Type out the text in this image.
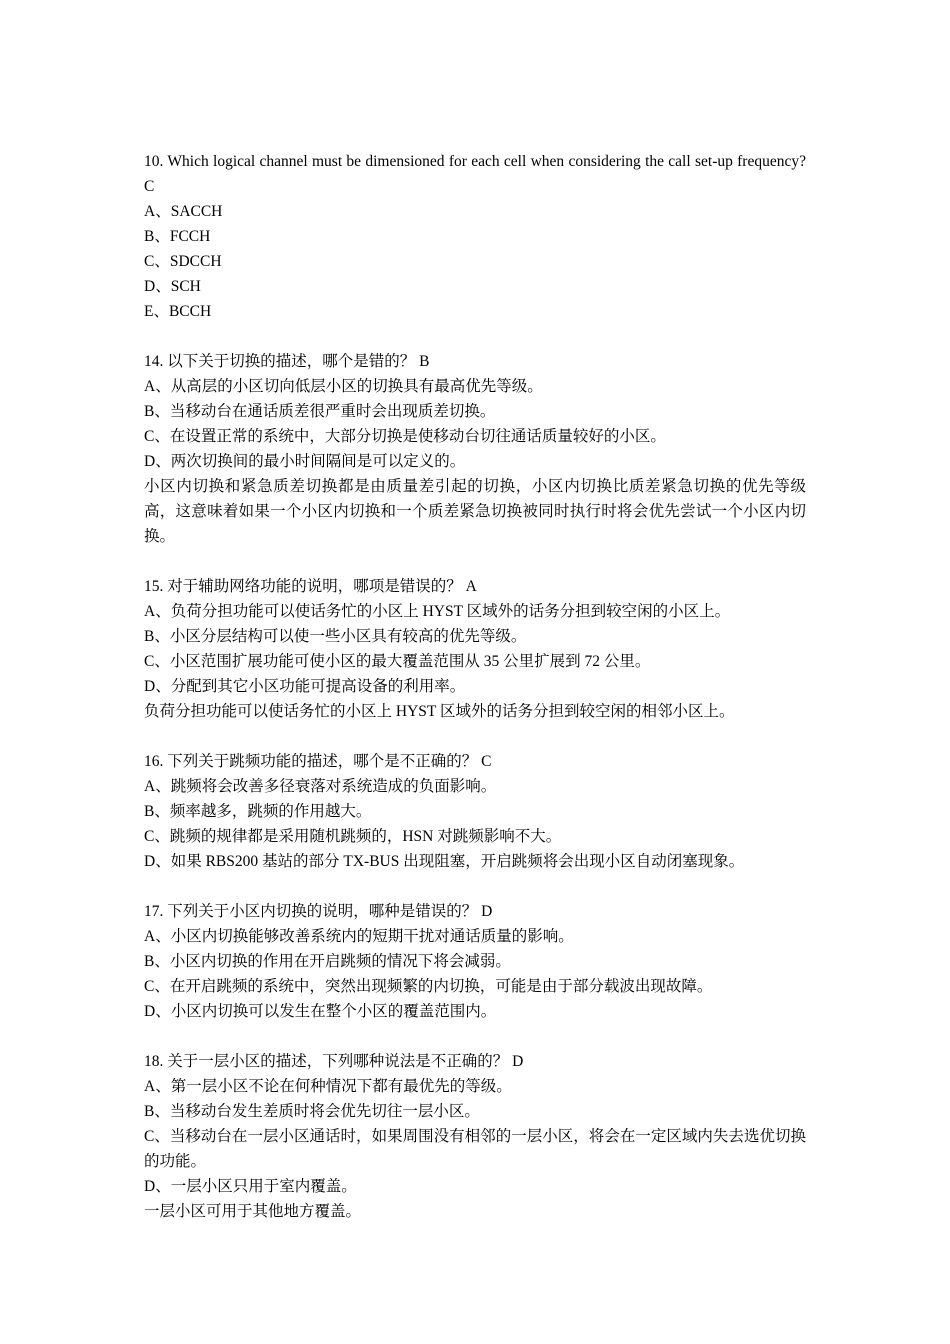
10. Which logical channel must be dimensioned for each cell when considering the call set-up frequency? C
A、SACCH
B、FCCH
C、SDCCH
D、SCH
E、BCCH
14. 以下关于切换的描述，哪个是错的？ B
A、从高层的小区切向低层小区的切换具有最高优先等级。
B、当移动台在通话质差很严重时会出现质差切换。
C、在设置正常的系统中，大部分切换是使移动台切往通话质量较好的小区。
D、两次切换间的最小时间隔间是可以定义的。
小区内切换和紧急质差切换都是由质量差引起的切换，小区内切换比质差紧急切换的优先等级高，这意味着如果一个小区内切换和一个质差紧急切换被同时执行时将会优先尝试一个小区内切换。
15. 对于辅助网络功能的说明，哪项是错误的？ A
A、负荷分担功能可以使话务忙的小区上 HYST 区域外的话务分担到较空闲的小区上。
B、小区分层结构可以使一些小区具有较高的优先等级。
C、小区范围扩展功能可使小区的最大覆盖范围从 35 公里扩展到 72 公里。
D、分配到其它小区功能可提高设备的利用率。
负荷分担功能可以使话务忙的小区上 HYST 区域外的话务分担到较空闲的相邻小区上。
16. 下列关于跳频功能的描述，哪个是不正确的？ C
A、跳频将会改善多径衰落对系统造成的负面影响。
B、频率越多，跳频的作用越大。
C、跳频的规律都是采用随机跳频的，HSN 对跳频影响不大。
D、如果 RBS200 基站的部分 TX-BUS 出现阻塞，开启跳频将会出现小区自动闭塞现象。
17. 下列关于小区内切换的说明，哪种是错误的？ D
A、小区内切换能够改善系统内的短期干扰对通话质量的影响。
B、小区内切换的作用在开启跳频的情况下将会减弱。
C、在开启跳频的系统中，突然出现频繁的内切换，可能是由于部分载波出现故障。
D、小区内切换可以发生在整个小区的覆盖范围内。
18. 关于一层小区的描述，下列哪种说法是不正确的？ D
A、第一层小区不论在何种情况下都有最优先的等级。
B、当移动台发生差质时将会优先切往一层小区。
C、当移动台在一层小区通话时，如果周围没有相邻的一层小区，将会在一定区域内失去选优切换的功能。
D、一层小区只用于室内覆盖。
一层小区可用于其他地方覆盖。
